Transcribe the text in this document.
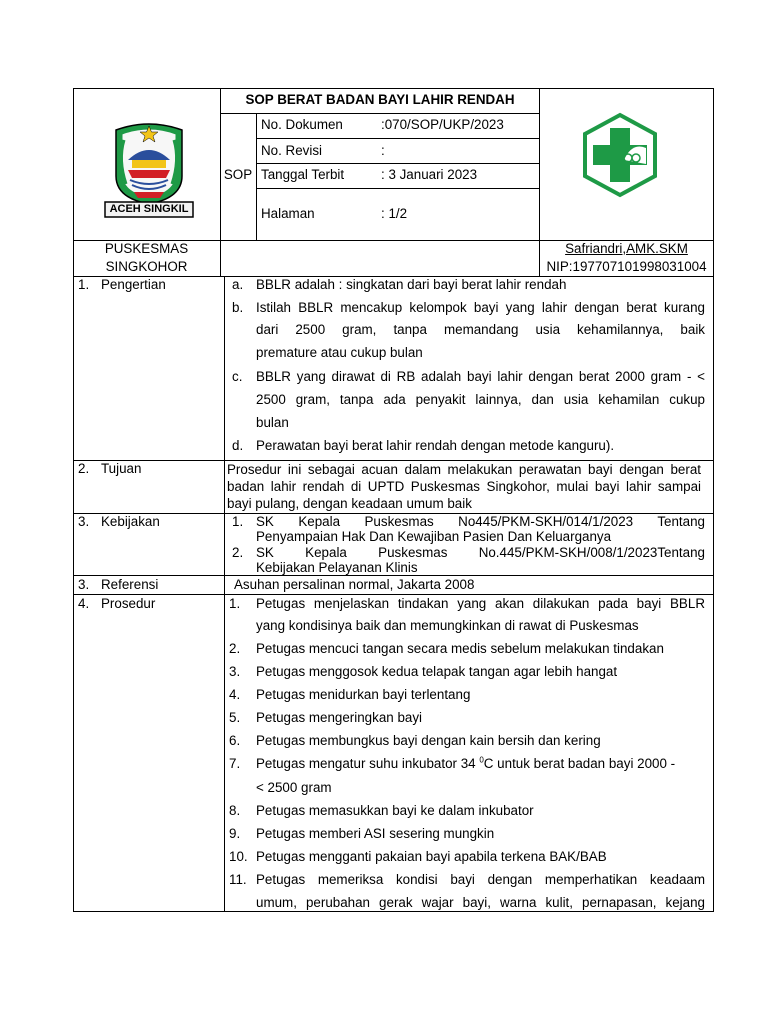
SOP BERAT BADAN BAYI LAHIR RENDAH
SOP
No. Dokumen	:070/SOP/UKP/2023
No. Revisi	:
Tanggal Terbit	: 3 Januari 2023
Halaman	: 1/2
ACEH SINGKIL
PUSKESMAS
SINGKOHOR
Safriandri,AMK.SKM
NIP:197707101998031004
1. Pengertian	a. BBLR adalah : singkatan dari bayi berat lahir rendah
b. Istilah BBLR mencakup kelompok bayi yang lahir dengan berat kurang
dari 2500 gram, tanpa memandang usia kehamilannya, baik
premature atau cukup bulan
c. BBLR yang dirawat di RB adalah bayi lahir dengan berat 2000 gram - <
2500 gram, tanpa ada penyakit lainnya, dan usia kehamilan cukup
bulan
d. Perawatan bayi berat lahir rendah dengan metode kanguru).
2. Tujuan	Prosedur ini sebagai acuan dalam melakukan perawatan bayi dengan berat
badan lahir rendah di UPTD Puskesmas Singkohor, mulai bayi lahir sampai
bayi pulang, dengan keadaan umum baik
3. Kebijakan	1. SK Kepala Puskesmas No445/PKM-SKH/014/1/2023 Tentang
Penyampaian Hak Dan Kewajiban Pasien Dan Keluarganya
2. SK Kepala Puskesmas No.445/PKM-SKH/008/1/2023Tentang
Kebijakan Pelayanan Klinis
3. Referensi	Asuhan persalinan normal, Jakarta 2008
4. Prosedur	1. Petugas menjelaskan tindakan yang akan dilakukan pada bayi BBLR
yang kondisinya baik dan memungkinkan di rawat di Puskesmas
2. Petugas mencuci tangan secara medis sebelum melakukan tindakan
3. Petugas menggosok kedua telapak tangan agar lebih hangat
4. Petugas menidurkan bayi terlentang
5. Petugas mengeringkan bayi
6. Petugas membungkus bayi dengan kain bersih dan kering
7. Petugas mengatur suhu inkubator 34 $^0$C untuk berat badan bayi 2000 -
< 2500 gram
8. Petugas memasukkan bayi ke dalam inkubator
9. Petugas memberi ASI sesering mungkin
10. Petugas mengganti pakaian bayi apabila terkena BAK/BAB
11. Petugas memeriksa kondisi bayi dengan memperhatikan keadaam
umum, perubahan gerak wajar bayi, warna kulit, pernapasan, kejang
